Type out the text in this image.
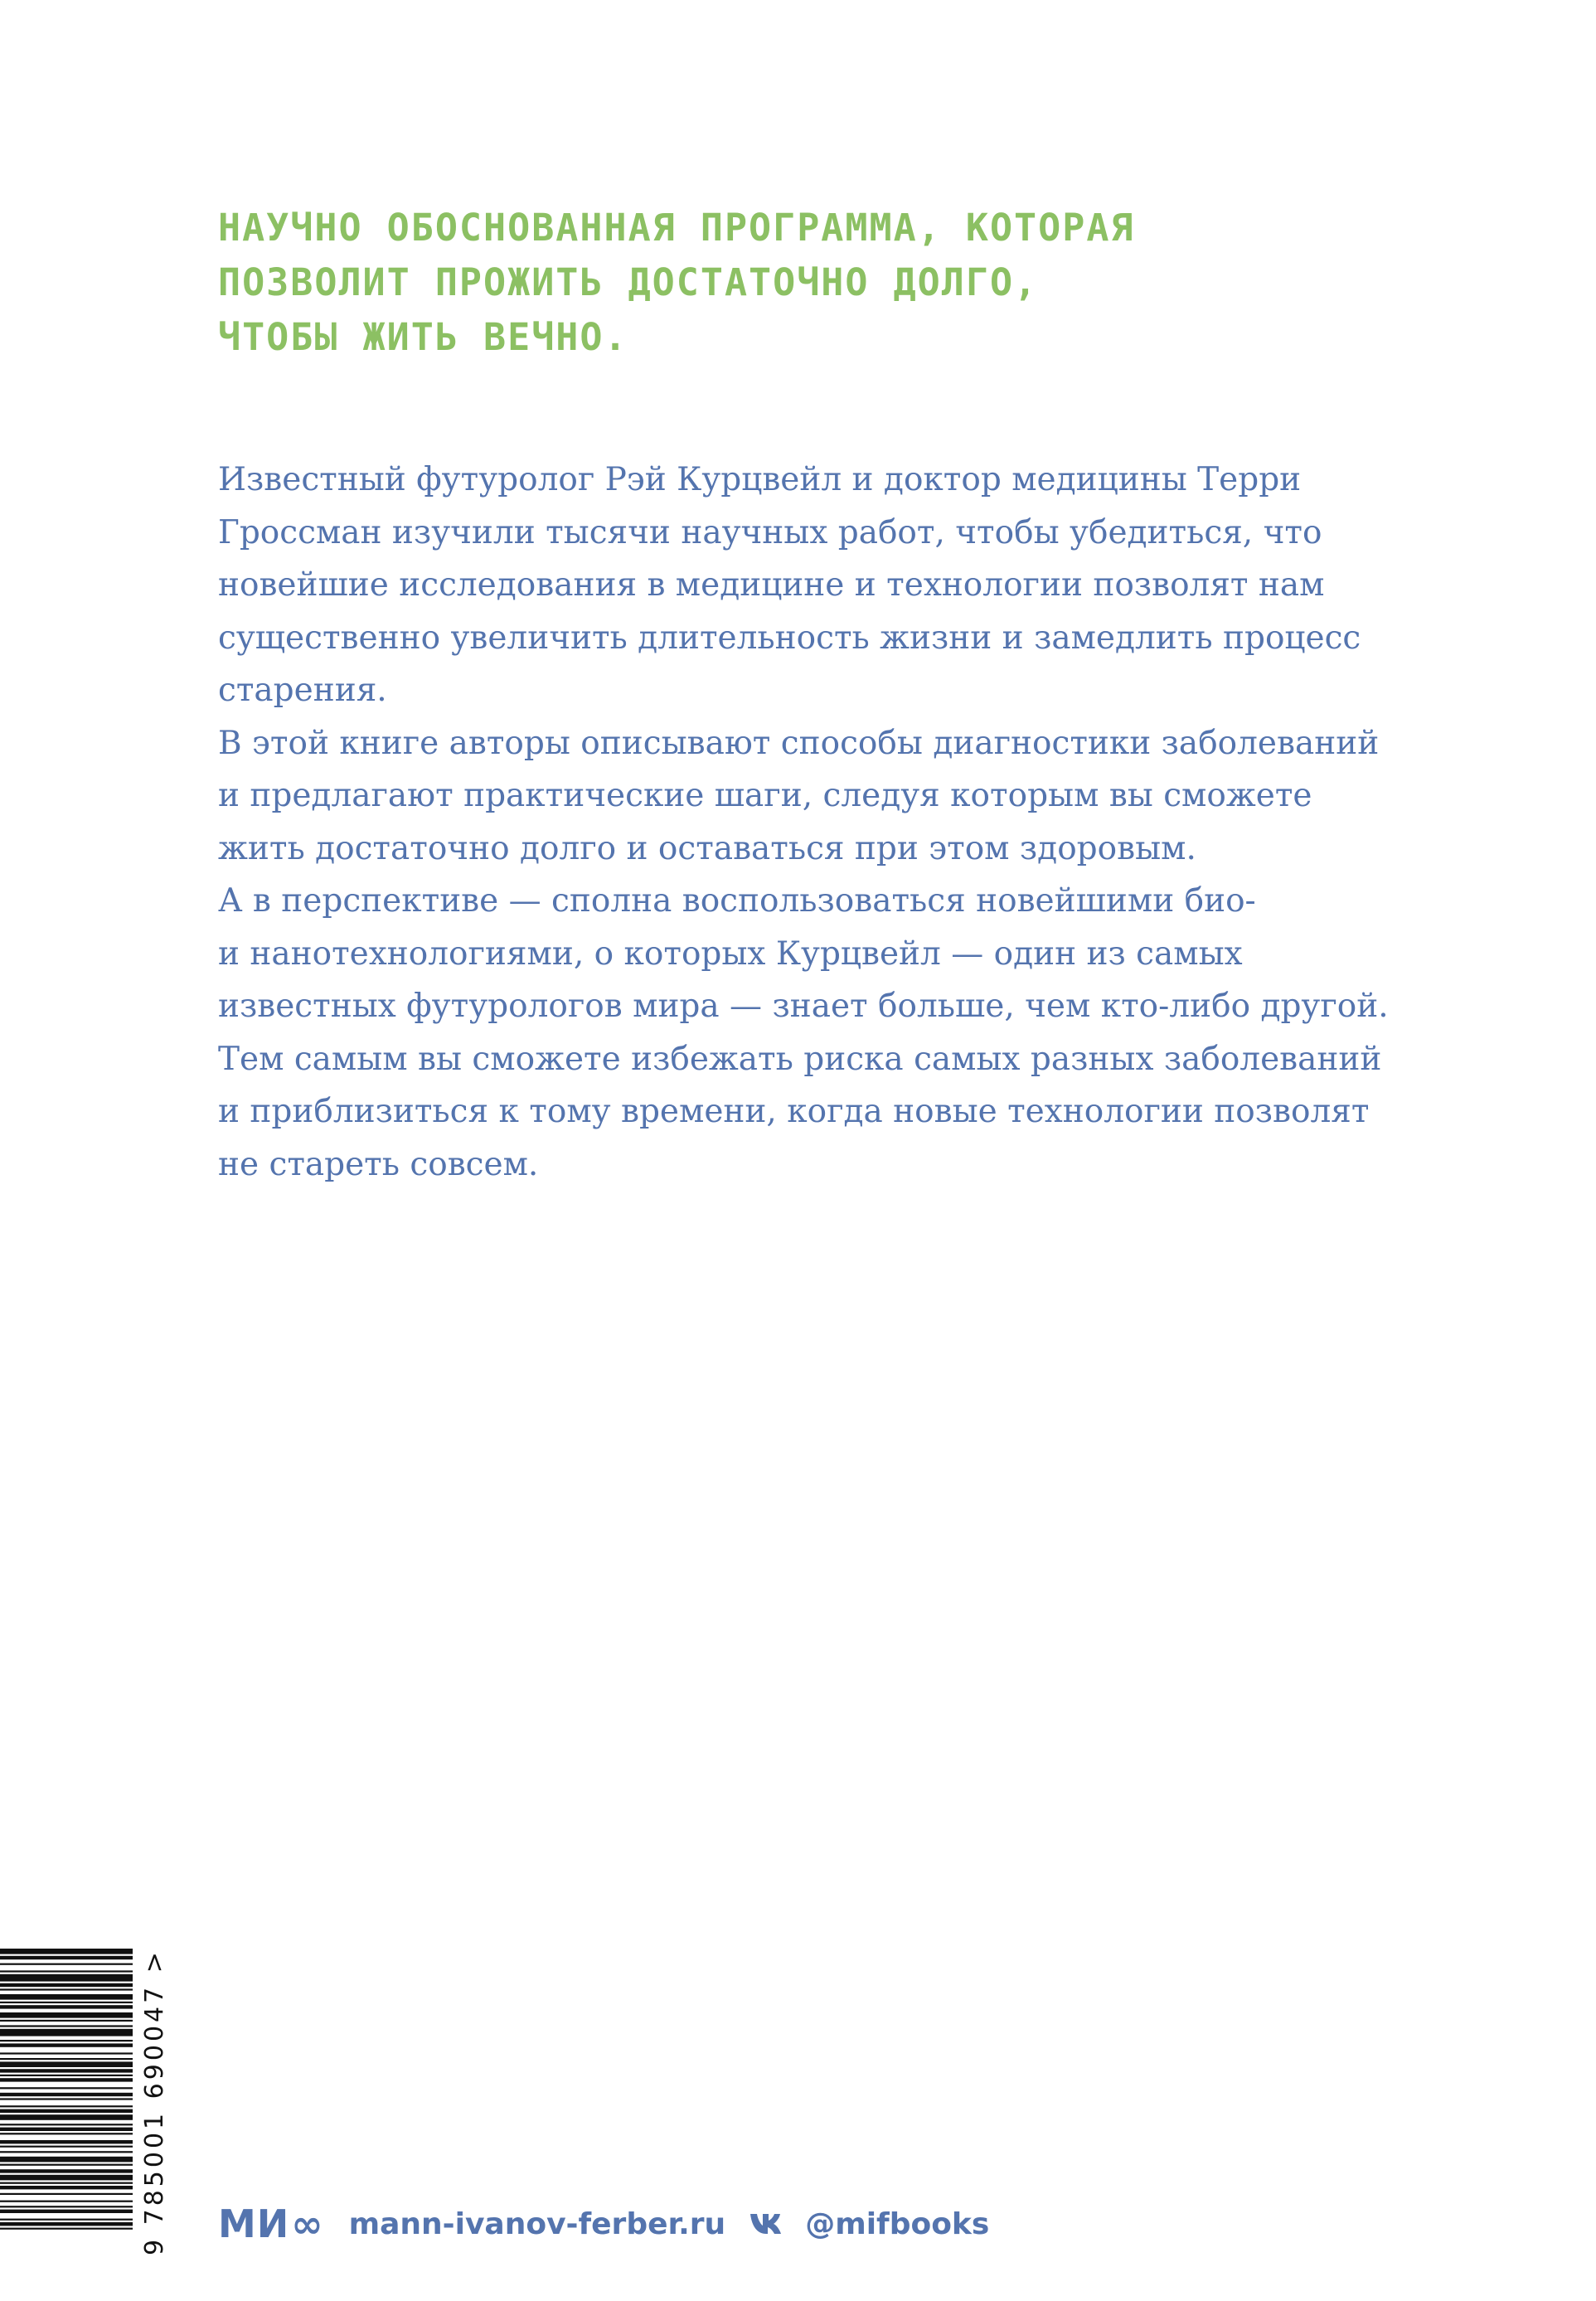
НАУЧНО ОБОСНОВАННАЯ ПРОГРАММА, КОТОРАЯ
ПОЗВОЛИТ ПРОЖИТЬ ДОСТАТОЧНО ДОЛГО,
ЧТОБЫ ЖИТЬ ВЕЧНО.
Известный футуролог Рэй Курцвейл и доктор медицины Терри
Гроссман изучили тысячи научных работ, чтобы убедиться, что
новейшие исследования в медицине и технологии позволят нам
существенно увеличить длительность жизни и замедлить процесс
старения.
В этой книге авторы описывают способы диагностики заболеваний
и предлагают практические шаги, следуя которым вы сможете
жить достаточно долго и оставаться при этом здоровым.
А в перспективе — сполна воспользоваться новейшими био-
и нанотехнологиями, о которых Курцвейл — один из самых
известных футурологов мира — знает больше, чем кто-либо другой.
Тем самым вы сможете избежать риска самых разных заболеваний
и приблизиться к тому времени, когда новые технологии позволят
не стареть совсем.
9 785001 690047 > МИ ∞ mann-ivanov-ferber.ru	@mifbooks
